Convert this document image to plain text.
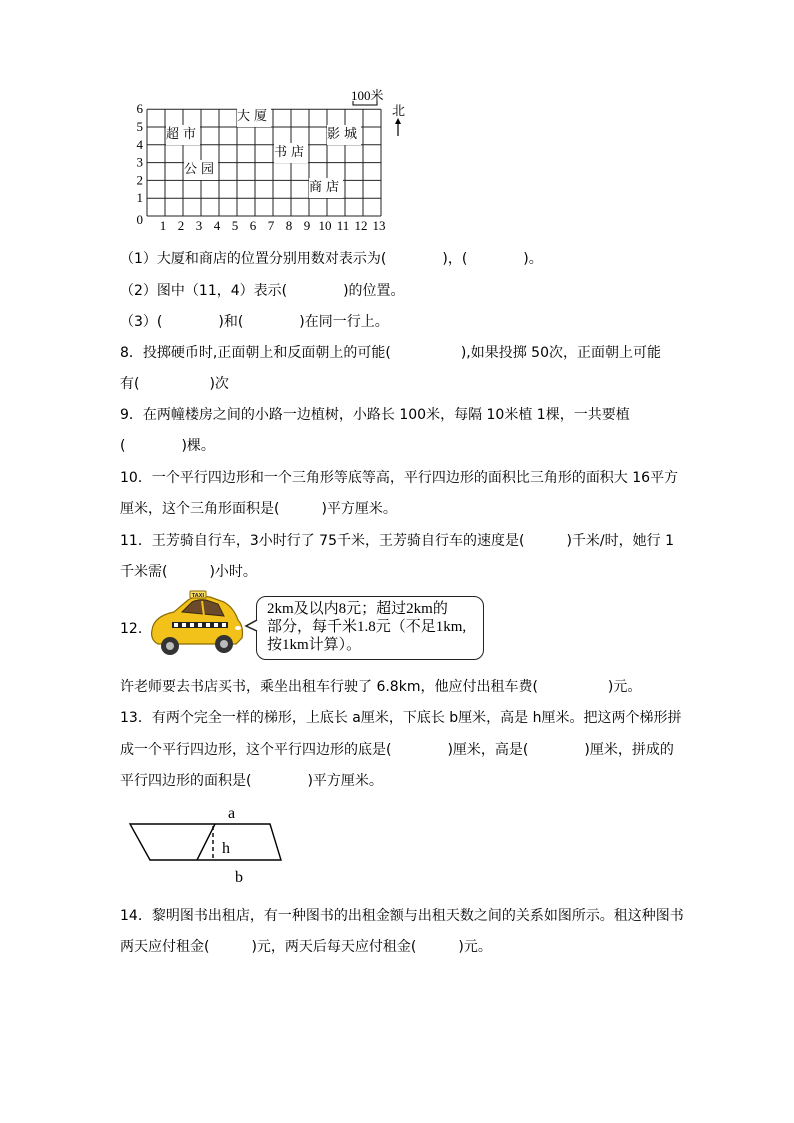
0
1
2
3
4
5
6
1 2 3 4 5 6 7 8 9 10 11 12 13
100米
北
超市
大厦
影城
书店
公园
商店
（1）大厦和商店的位置分别用数对表示为(　　　　)，(　　　　)。
（2）图中（11，4）表示(　　　　)的位置。
（3）(　　　　)和(　　　　)在同一行上。
8．投掷硬币时,正面朝上和反面朝上的可能(　　　　　),如果投掷 50次，正面朝上可能
有(　　　　　)次
9．在两幢楼房之间的小路一边植树，小路长 100米，每隔 10米植 1棵，一共要植
(　　　　)棵。
10．一个平行四边形和一个三角形等底等高，平行四边形的面积比三角形的面积大 16平方
厘米，这个三角形面积是(　　　)平方厘米。
11．王芳骑自行车，3小时行了 75千米，王芳骑自行车的速度是(　　　)千米/时，她行 1
千米需(　　　)小时。
12．
TAXI
2km及以内8元；超过2km的
部分，每千米1.8元（不足1km,
按1km计算）。
许老师要去书店买书，乘坐出租车行驶了 6.8km，他应付出租车费(　　　　　)元。
13．有两个完全一样的梯形，上底长 a厘米，下底长 b厘米，高是 h厘米。把这两个梯形拼
成一个平行四边形，这个平行四边形的底是(　　　　)厘米，高是(　　　　)厘米，拼成的
平行四边形的面积是(　　　　)平方厘米。
a
h
b
14．黎明图书出租店，有一种图书的出租金额与出租天数之间的关系如图所示。租这种图书
两天应付租金(　　　)元，两天后每天应付租金(　　　)元。
